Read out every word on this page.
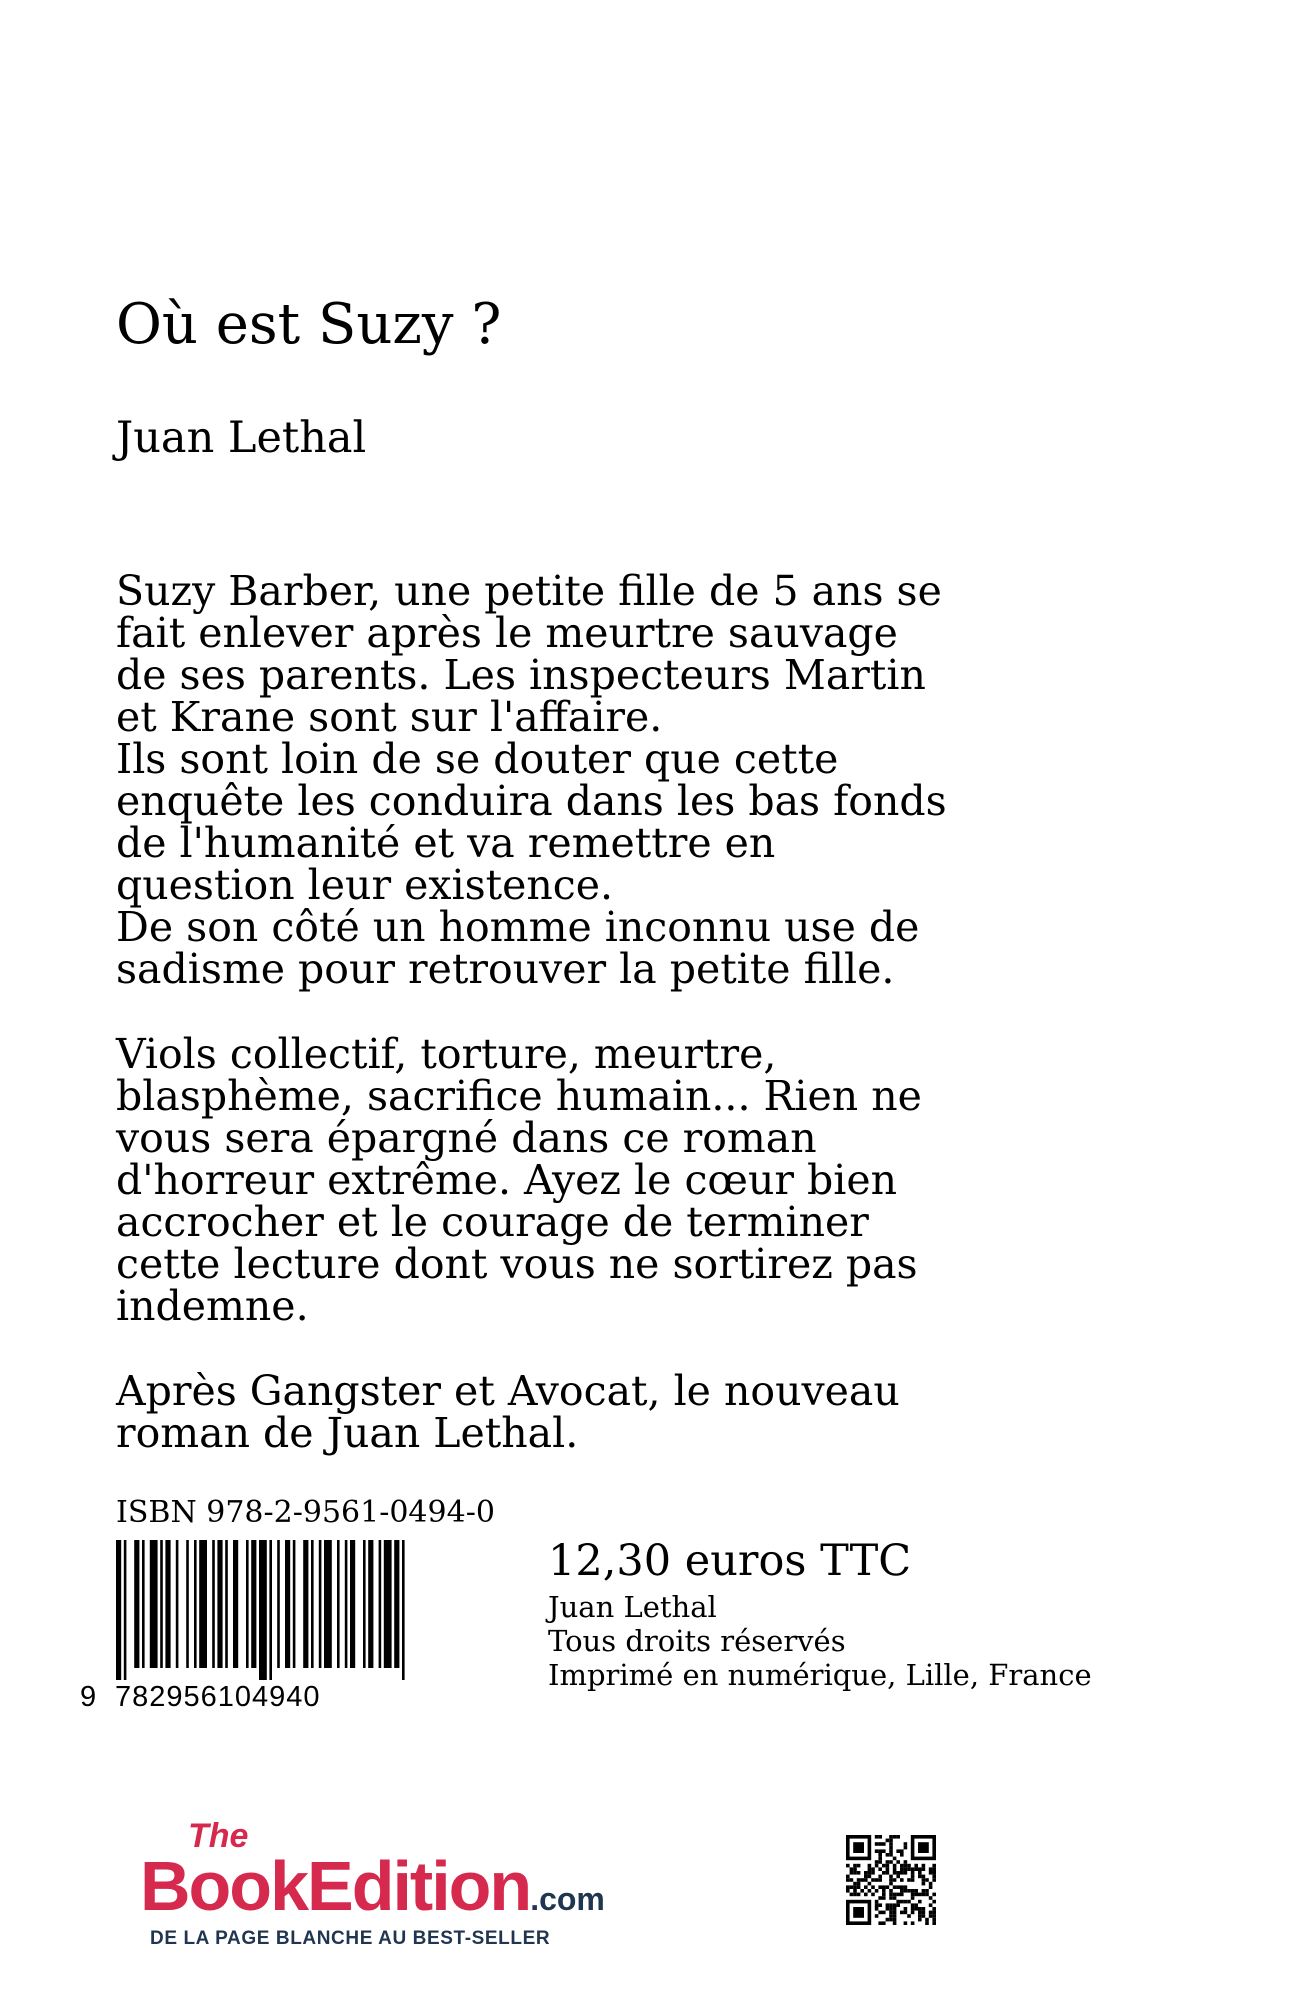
Où est Suzy ?
Juan Lethal

Suzy Barber, une petite fille de 5 ans se
fait enlever après le meurtre sauvage
de ses parents. Les inspecteurs Martin
et Krane sont sur l'affaire.
Ils sont loin de se douter que cette
enquête les conduira dans les bas fonds
de l'humanité et va remettre en
question leur existence.
De son côté un homme inconnu use de
sadisme pour retrouver la petite fille.

Viols collectif, torture, meurtre,
blasphème, sacrifice humain... Rien ne
vous sera épargné dans ce roman
d'horreur extrême. Ayez le cœur bien
accrocher et le courage de terminer
cette lecture dont vous ne sortirez pas
indemne.

Après Gangster et Avocat, le nouveau
roman de Juan Lethal.

ISBN 978-2-9561-0494-0
9 782956104940
12,30 euros TTC
Juan Lethal
Tous droits réservés
Imprimé en numérique, Lille, France
The
BookEdition.com
DE LA PAGE BLANCHE AU BEST-SELLER
